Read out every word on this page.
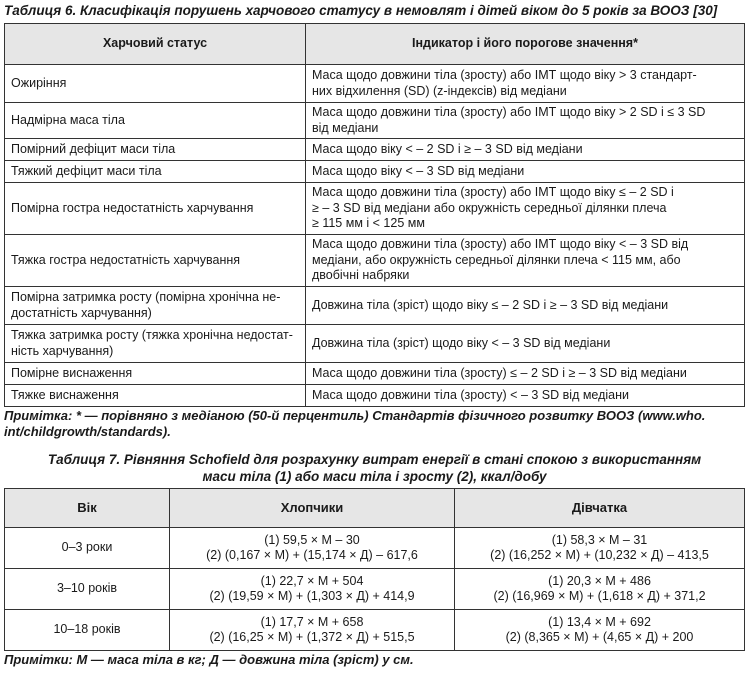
Таблиця 6. Класифікація порушень харчового статусу в немовлят і дітей віком до 5 років за ВООЗ [30]
Харчовий статус	Індикатор і його порогове значення*
Ожиріння	Маса щодо довжини тіла (зросту) або ІМТ щодо віку > 3 стандарт-
них відхилення (SD) (z-індексів) від медіани
Надмірна маса тіла	Маса щодо довжини тіла (зросту) або ІМТ щодо віку > 2 SD і ≤ 3 SD
від медіани
Помірний дефіцит маси тіла	Маса щодо віку < – 2 SD і ≥ – 3 SD від медіани
Тяжкий дефіцит маси тіла	Маса щодо віку < – 3 SD від медіани
Помірна гостра недостатність харчування	Маса щодо довжини тіла (зросту) або ІМТ щодо віку ≤ – 2 SD і
≥ – 3 SD від медіани або окружність середньої ділянки плеча
≥ 115 мм і < 125 мм
Тяжка гостра недостатність харчування	Маса щодо довжини тіла (зросту) або ІМТ щодо віку < – 3 SD від
медіани, або окружність середньої ділянки плеча < 115 мм, або
двобічні набряки
Помірна затримка росту (помірна хронічна не-
достатність харчування)	Довжина тіла (зріст) щодо віку ≤ – 2 SD і ≥ – 3 SD від медіани
Тяжка затримка росту (тяжка хронічна недостат-
ність харчування)	Довжина тіла (зріст) щодо віку < – 3 SD від медіани
Помірне виснаження	Маса щодо довжини тіла (зросту) ≤ – 2 SD і ≥ – 3 SD від медіани
Тяжке виснаження	Маса щодо довжини тіла (зросту) < – 3 SD від медіани
Примітка: * — порівняно з медіаною (50-й перцентиль) Стандартів фізичного розвитку ВООЗ (www.who.
int/childgrowth/standards).
Таблиця 7. Рівняння Schofield для розрахунку витрат енергії в стані спокою з використанням
маси тіла (1) або маси тіла і зросту (2), ккал/добу
Вік	Хлопчики	Дівчатка
0–3 роки	(1) 59,5 × М – 30
(2) (0,167 × М) + (15,174 × Д) – 617,6	(1) 58,3 × М – 31
(2) (16,252 × М) + (10,232 × Д) – 413,5
3–10 років	(1) 22,7 × М + 504
(2) (19,59 × М) + (1,303 × Д) + 414,9	(1) 20,3 × М + 486
(2) (16,969 × М) + (1,618 × Д) + 371,2
10–18 років	(1) 17,7 × М + 658
(2) (16,25 × М) + (1,372 × Д) + 515,5	(1) 13,4 × М + 692
(2) (8,365 × М) + (4,65 × Д) + 200
Примітки: М — маса тіла в кг; Д — довжина тіла (зріст) у см.
